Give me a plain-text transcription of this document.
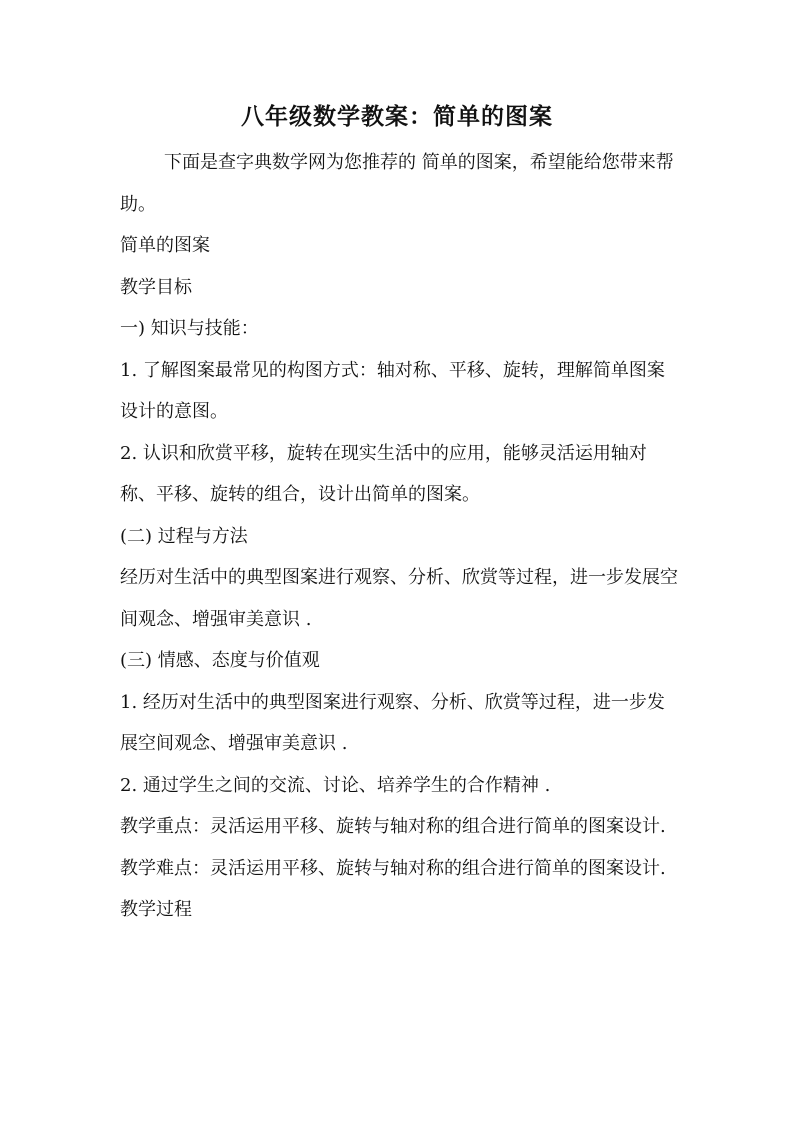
八年级数学教案：简单的图案

下面是查字典数学网为您推荐的 简单的图案，希望能给您带来帮助。

简单的图案

教学目标

一) 知识与技能：

1. 了解图案最常见的构图方式：轴对称、平移、旋转，理解简单图案设计的意图。

2. 认识和欣赏平移，旋转在现实生活中的应用，能够灵活运用轴对称、平移、旋转的组合，设计出简单的图案。

(二) 过程与方法

经历对生活中的典型图案进行观察、分析、欣赏等过程，进一步发展空间观念、增强审美意识 .

(三) 情感、态度与价值观

1. 经历对生活中的典型图案进行观察、分析、欣赏等过程，进一步发展空间观念、增强审美意识 .

2. 通过学生之间的交流、讨论、培养学生的合作精神 .

教学重点：灵活运用平移、旋转与轴对称的组合进行简单的图案设计.

教学难点：灵活运用平移、旋转与轴对称的组合进行简单的图案设计.

教学过程
